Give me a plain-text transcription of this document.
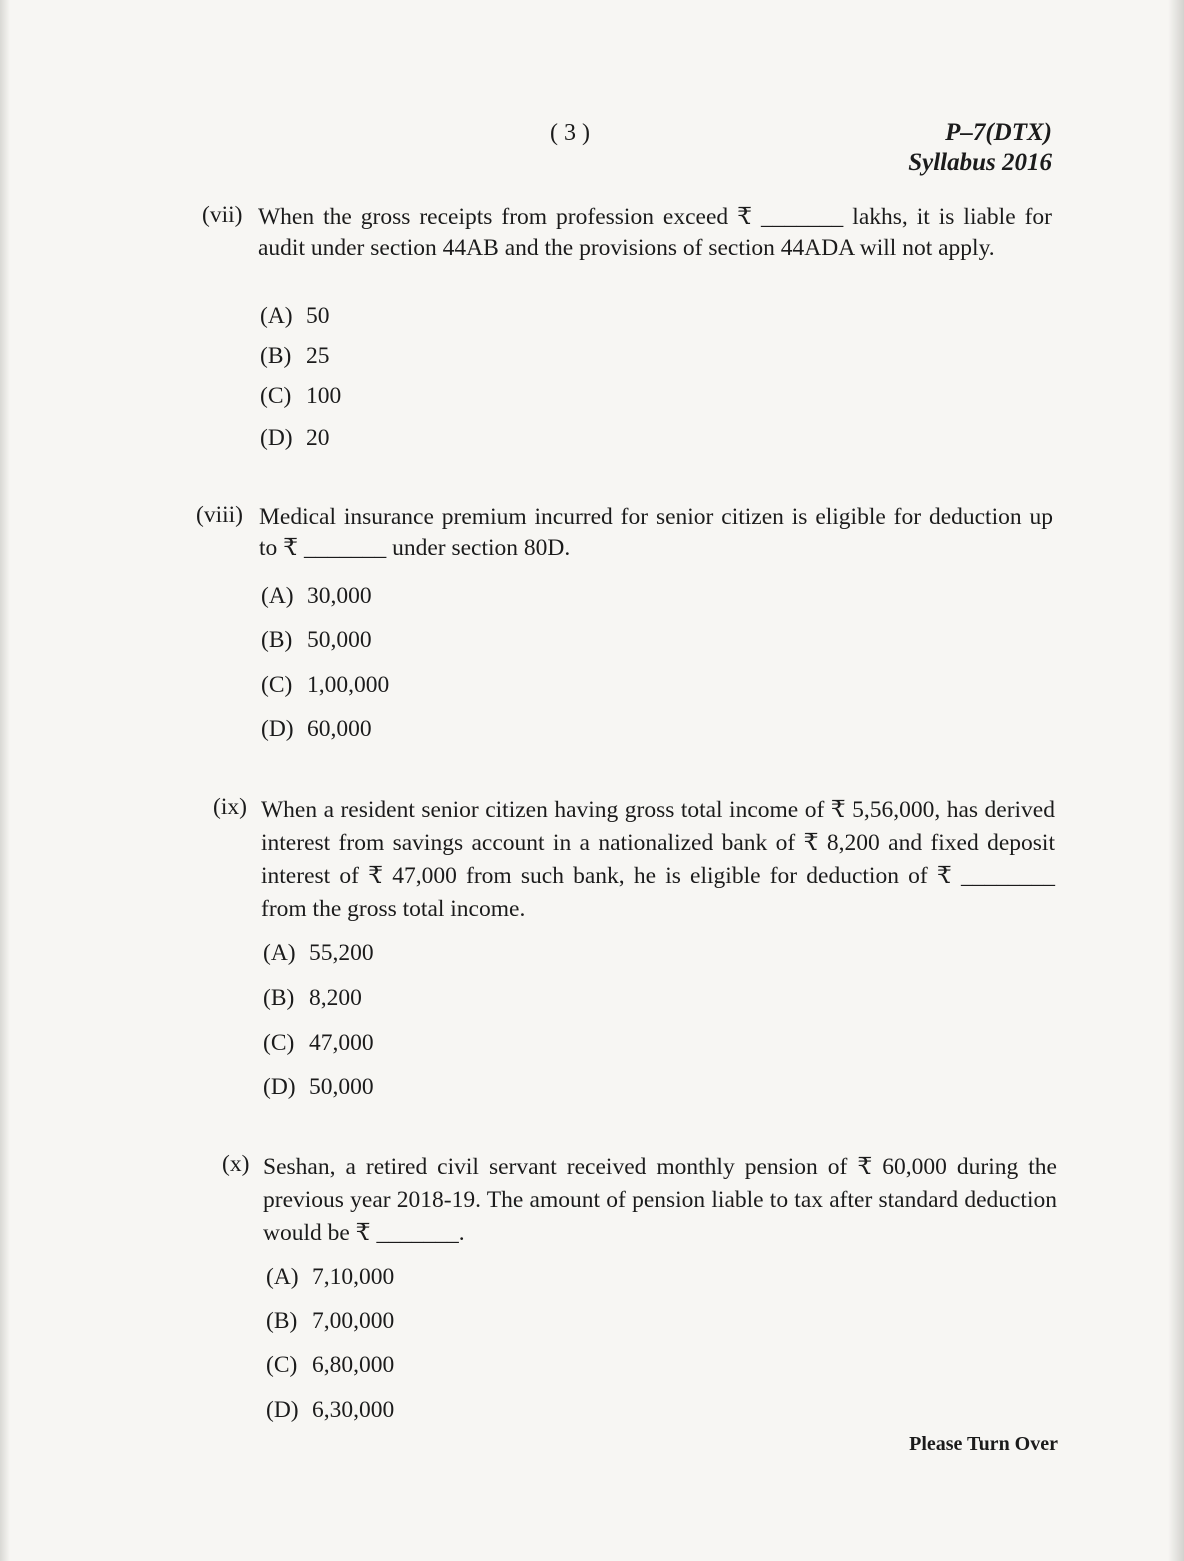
( 3 )	P–7(DTX)
Syllabus 2016
(vii) When the gross receipts from profession exceed ₹ _______ lakhs, it is liable for audit under section 44AB and the provisions of section 44ADA will not apply.
(A) 50
(B) 25
(C) 100
(D) 20
(viii) Medical insurance premium incurred for senior citizen is eligible for deduction up to ₹ _______ under section 80D.
(A) 30,000
(B) 50,000
(C) 1,00,000
(D) 60,000
(ix) When a resident senior citizen having gross total income of ₹ 5,56,000, has derived interest from savings account in a nationalized bank of ₹ 8,200 and fixed deposit interest of ₹ 47,000 from such bank, he is eligible for deduction of ₹ ________ from the gross total income.
(A) 55,200
(B) 8,200
(C) 47,000
(D) 50,000
(x) Seshan, a retired civil servant received monthly pension of ₹ 60,000 during the previous year 2018-19. The amount of pension liable to tax after standard deduction would be ₹ _______.
(A) 7,10,000
(B) 7,00,000
(C) 6,80,000
(D) 6,30,000
Please Turn Over
